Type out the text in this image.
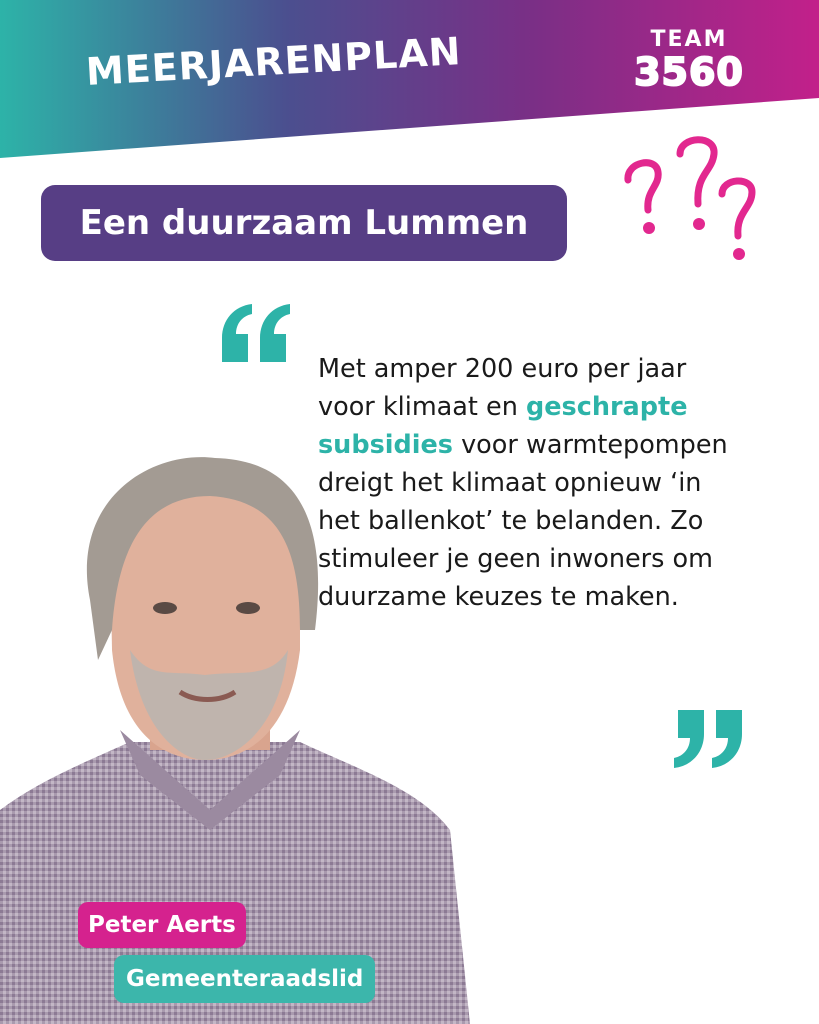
MEERJARENPLAN	TEAM
3560
Een duurzaam Lummen

Met amper 200 euro per jaar voor klimaat en geschrapte subsidies voor warmtepompen dreigt het klimaat opnieuw ‘in het ballenkot’ te belanden. Zo stimuleer je geen inwoners om duurzame keuzes te maken.

Peter Aerts
Gemeenteraadslid
